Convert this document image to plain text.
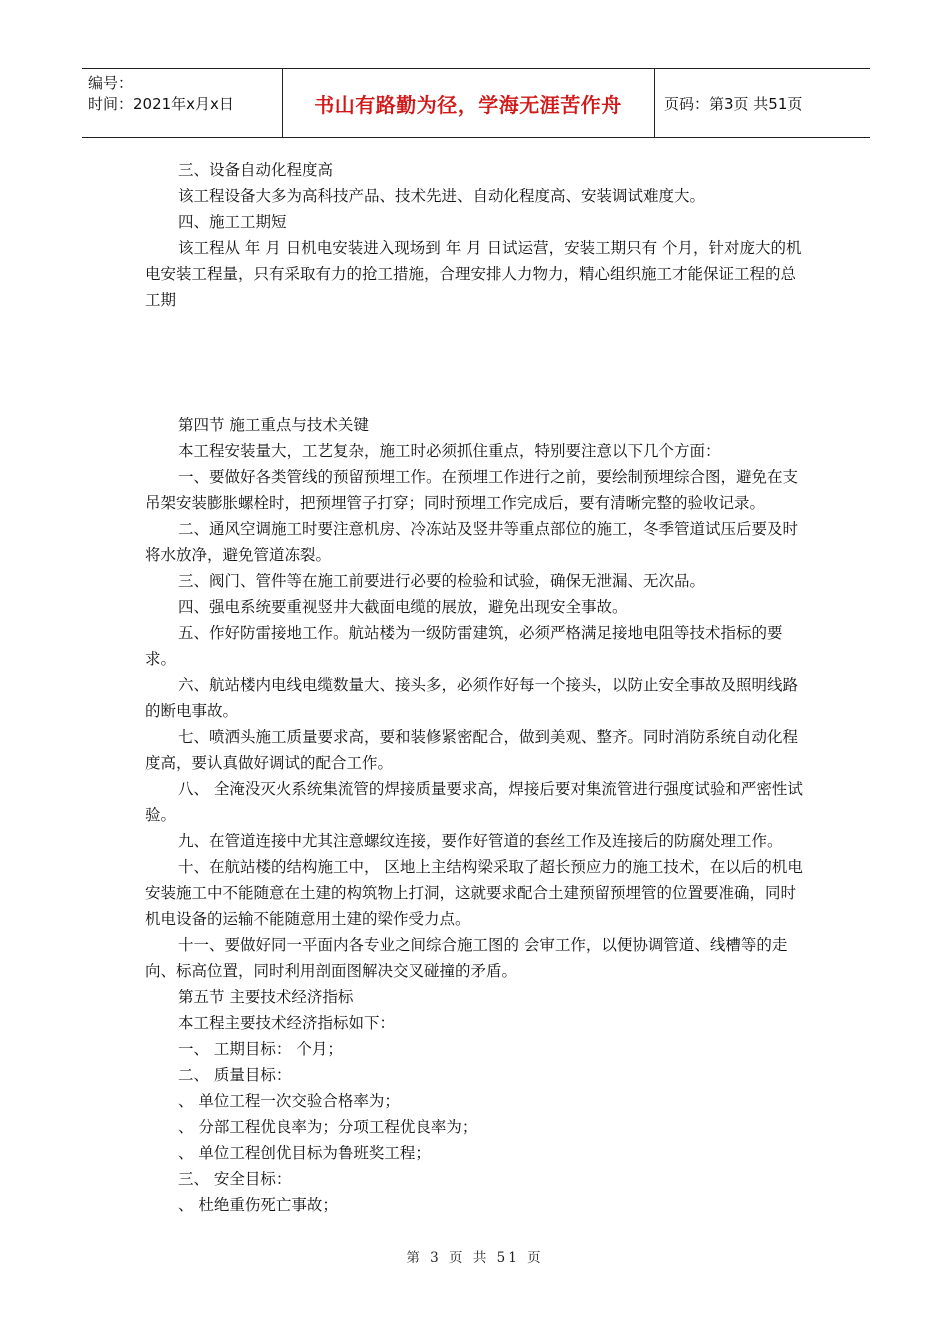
编号：
时间：2021年x月x日	书山有路勤为径，学海无涯苦作舟	页码：第3页 共51页

三、设备自动化程度高

该工程设备大多为高科技产品、技术先进、自动化程度高、安装调试难度大。

四、施工工期短

该工程从 年 月 日机电安装进入现场到 年 月 日试运营，安装工期只有 个月，针对庞大的机电安装工程量，只有采取有力的抢工措施，合理安排人力物力，精心组织施工才能保证工程的总工期

第四节 施工重点与技术关键

本工程安装量大，工艺复杂，施工时必须抓住重点，特别要注意以下几个方面：

一、要做好各类管线的预留预埋工作。在预埋工作进行之前，要绘制预埋综合图，避免在支吊架安装膨胀螺栓时，把预埋管子打穿；同时预埋工作完成后，要有清晰完整的验收记录。

二、通风空调施工时要注意机房、冷冻站及竖井等重点部位的施工，冬季管道试压后要及时将水放净，避免管道冻裂。

三、阀门、管件等在施工前要进行必要的检验和试验，确保无泄漏、无次品。

四、强电系统要重视竖井大截面电缆的展放，避免出现安全事故。

五、作好防雷接地工作。航站楼为一级防雷建筑，必须严格满足接地电阻等技术指标的要求。

六、航站楼内电线电缆数量大、接头多，必须作好每一个接头，以防止安全事故及照明线路的断电事故。

七、喷洒头施工质量要求高，要和装修紧密配合，做到美观、整齐。同时消防系统自动化程度高，要认真做好调试的配合工作。

八、 全淹没灭火系统集流管的焊接质量要求高，焊接后要对集流管进行强度试验和严密性试验。

九、在管道连接中尤其注意螺纹连接，要作好管道的套丝工作及连接后的防腐处理工作。

十、在航站楼的结构施工中， 区地上主结构梁采取了超长预应力的施工技术，在以后的机电安装施工中不能随意在土建的构筑物上打洞，这就要求配合土建预留预埋管的位置要准确，同时机电设备的运输不能随意用土建的梁作受力点。

十一、要做好同一平面内各专业之间综合施工图的 会审工作，以便协调管道、线槽等的走向、标高位置，同时利用剖面图解决交叉碰撞的矛盾。

第五节 主要技术经济指标

本工程主要技术经济指标如下：

一、 工期目标： 个月；

二、 质量目标：

、 单位工程一次交验合格率为；

、 分部工程优良率为；分项工程优良率为；

、 单位工程创优目标为鲁班奖工程；

三、 安全目标：

、 杜绝重伤死亡事故；

第 3 页 共 51 页
